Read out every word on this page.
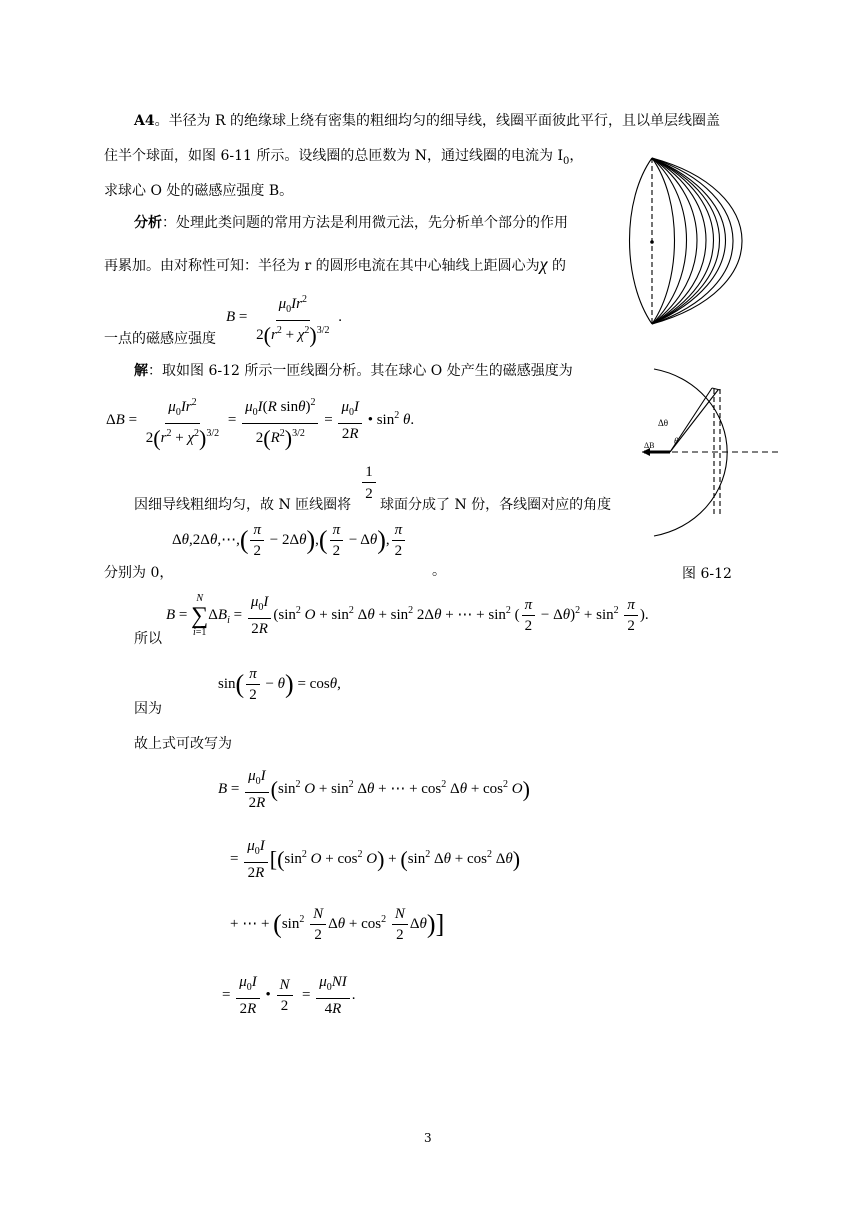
A4。半径为 R 的绝缘球上绕有密集的粗细均匀的细导线，线圈平面彼此平行，且以单层线圈盖
住半个球面，如图 6-11 所示。设线圈的总匝数为 N，通过线圈的电流为 $I_0$，
求球心 O 处的磁感应强度 B。
分析：处理此类问题的常用方法是利用微元法，先分析单个部分的作用
再累加。由对称性可知：半径为 r 的圆形电流在其中心轴线上距圆心为χ 的
$B = \frac{\mu_0Ir^2}{2(r^2 + \chi^2)^{3/2}}$ .
一点的磁感应强度
解：取如图 6-12 所示一匝线圈分析。其在球心 O 处产生的磁感强度为
$\Delta B = \frac{\mu_0Ir^2}{2(r^2 + \chi^2)^{3/2}} = \frac{\mu_0I(R \sin\theta)^2}{2(R^2)^{3/2}} = \frac{\mu_0I}{2R}$ • $\sin^2 \theta$.
因细导线粗细均匀，故 N 匝线圈将 $\frac{1}{2}$ 球面分成了 N 份，各线圈对应的角度
Δθ,2Δθ,⋯,( $\frac{\pi}{2} - 2\Delta\theta),( \frac{\pi}{2} - \Delta\theta)$, $\frac{\pi}{2}$
分别为 0，	。
B =
N
∑
i=1
$\Delta B_i = \frac{\mu_0I}{2R} (\sin^2$ $O + \sin^2 \Delta\theta + \sin^2 2\Delta\theta$ + ⋯ + $\sin^2$ ( $\frac{\pi}{2} - \Delta\theta)^2 + \sin^2 \frac{\pi}{2}$ ).
所以
$\sin( \frac{\pi}{2} - \theta) = \cos\theta$,
因为
故上式可改写为
$B = \frac{\mu_0I}{2R} (\sin^2$ $O + \sin^2 \Delta\theta$ + ⋯ + $\cos^2 \Delta\theta + \cos^2 O$)
= $\frac{\mu_0I}{2R} [(\sin^2$ $O + \cos^2 O) + (\sin^2$ $\Delta\theta + \cos^2 \Delta\theta$)
+ ⋯ + ($\sin^2 \frac{N}{2}$ $\Delta\theta + \cos^2 \frac{N}{2} \Delta\theta$)]
= $\frac{\mu_0I}{2R}$ • $\frac{N}{2} = \frac{\mu_0NI}{4R}$ .
Δθ
θ
ΔB
图 6-12
3
